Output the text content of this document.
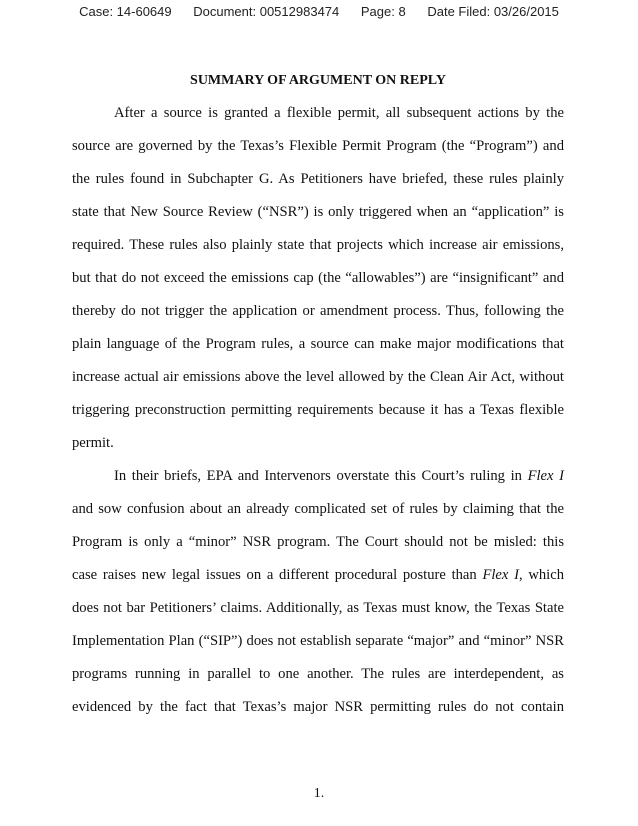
Case: 14-60649 Document: 00512983474 Page: 8 Date Filed: 03/26/2015
SUMMARY OF ARGUMENT ON REPLY
After a source is granted a flexible permit, all subsequent actions by the
source are governed by the Texas’s Flexible Permit Program (the “Program”) and
the rules found in Subchapter G. As Petitioners have briefed, these rules plainly
state that New Source Review (“NSR”) is only triggered when an “application” is
required. These rules also plainly state that projects which increase air emissions,
but that do not exceed the emissions cap (the “allowables”) are “insignificant” and
thereby do not trigger the application or amendment process. Thus, following the
plain language of the Program rules, a source can make major modifications that
increase actual air emissions above the level allowed by the Clean Air Act, without
triggering preconstruction permitting requirements because it has a Texas flexible
permit.
In their briefs, EPA and Intervenors overstate this Court’s ruling in Flex I
and sow confusion about an already complicated set of rules by claiming that the
Program is only a “minor” NSR program. The Court should not be misled: this
case raises new legal issues on a different procedural posture than Flex I, which
does not bar Petitioners’ claims. Additionally, as Texas must know, the Texas State
Implementation Plan (“SIP”) does not establish separate “major” and “minor” NSR
programs running in parallel to one another. The rules are interdependent, as
evidenced by the fact that Texas’s major NSR permitting rules do not contain
1.
